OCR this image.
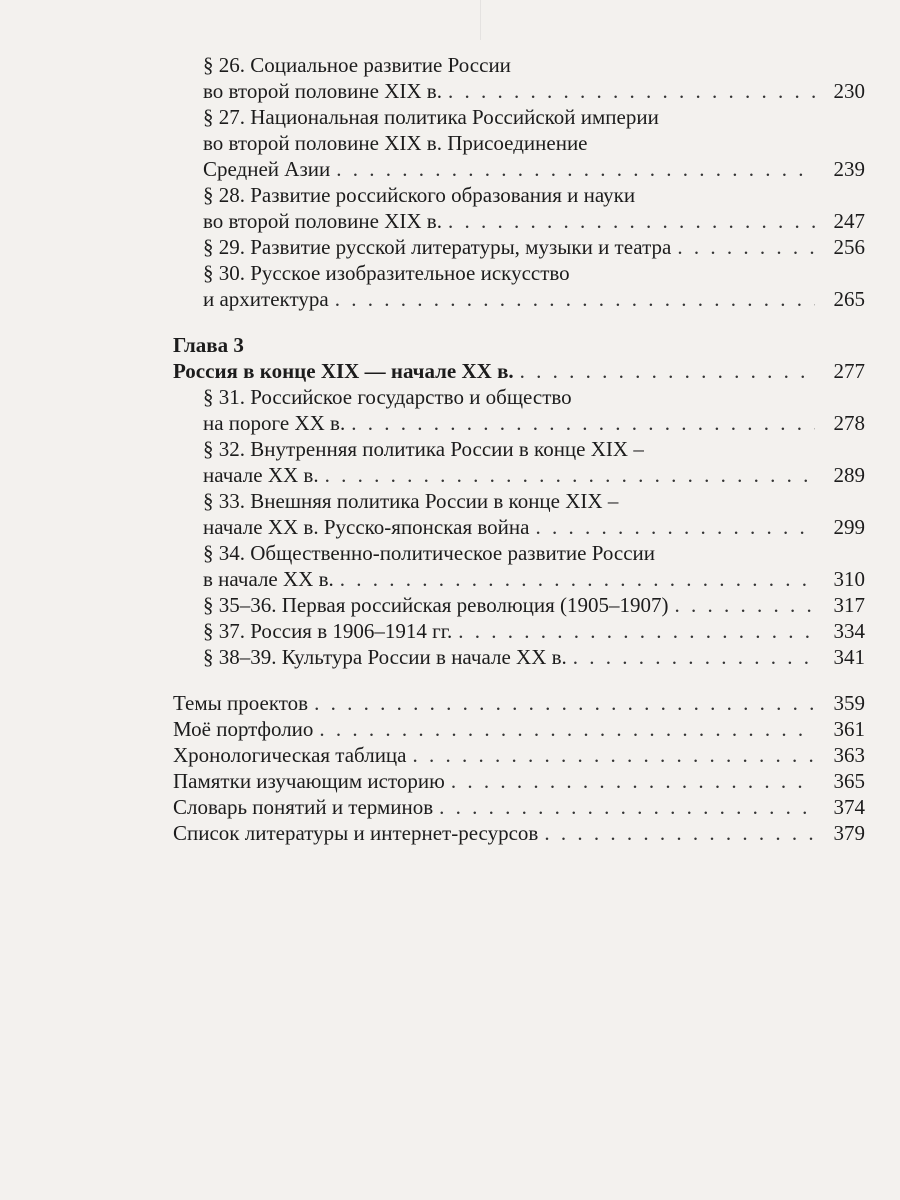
§ 26. Социальное развитие России
во второй половине XIX в. . . .	230
§ 27. Национальная политика Российской империи
во второй половине XIX в. Присоединение
Средней Азии . . .	239
§ 28. Развитие российского образования и науки
во второй половине XIX в. . . .	247
§ 29. Развитие русской литературы, музыки и театра . . .	256
§ 30. Русское изобразительное искусство
и архитектура . . .	265
Глава 3
Россия в конце XIX — начале XX в. . . .	277
§ 31. Российское государство и общество
на пороге XX в. . . .	278
§ 32. Внутренняя политика России в конце XIX –
начале XX в. . . .	289
§ 33. Внешняя политика России в конце XIX –
начале XX в. Русско-японская война . . .	299
§ 34. Общественно-политическое развитие России
в начале XX в. . . .	310
§ 35–36. Первая российская революция (1905–1907) . . .	317
§ 37. Россия в 1906–1914 гг. . . .	334
§ 38–39. Культура России в начале XX в. . . .	341
Темы проектов . . .	359
Моё портфолио . . .	361
Хронологическая таблица . . .	363
Памятки изучающим историю . . .	365
Словарь понятий и терминов . . .	374
Список литературы и интернет-ресурсов . . .	379
